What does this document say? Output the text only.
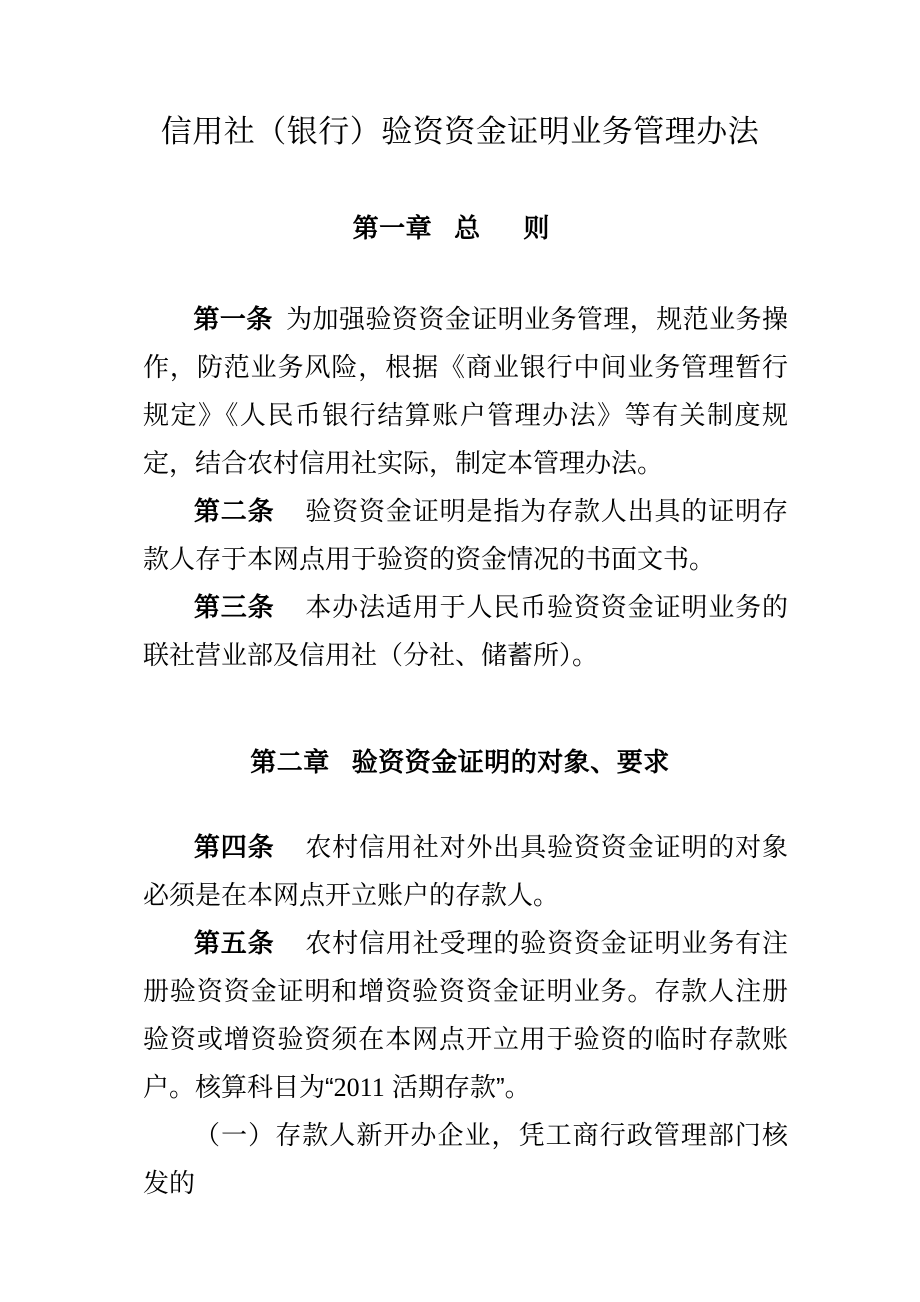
信用社（银行）验资资金证明业务管理办法
第一章 总 则
第二章 验资资金证明的对象、要求

第一条 为加强验资资金证明业务管理，规范业务操作，防范业务风险，根据《商业银行中间业务管理暂行规定》《人民币银行结算账户管理办法》等有关制度规定，结合农村信用社实际，制定本管理办法。

第二条 验资资金证明是指为存款人出具的证明存款人存于本网点用于验资的资金情况的书面文书。

第三条 本办法适用于人民币验资资金证明业务的联社营业部及信用社（分社、储蓄所）。

第四条 农村信用社对外出具验资资金证明的对象必须是在本网点开立账户的存款人。

第五条 农村信用社受理的验资资金证明业务有注册验资资金证明和增资验资资金证明业务。存款人注册验资或增资验资须在本网点开立用于验资的临时存款账户。核算科目为“2011 活期存款”。

（一）存款人新开办企业，凭工商行政管理部门核发的
